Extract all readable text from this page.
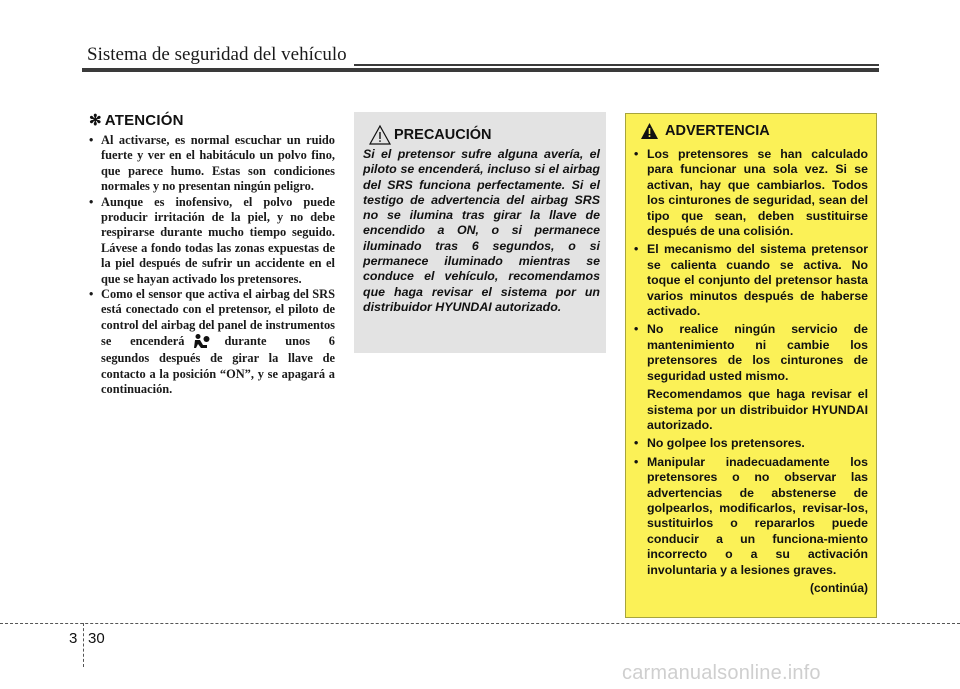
Sistema de seguridad del vehículo
✻ ATENCIÓN
• Al activarse, es normal escuchar un ruido fuerte y ver en el habitáculo un polvo fino, que parece humo. Estas son condiciones normales y no presentan ningún peligro.
• Aunque es inofensivo, el polvo puede producir irritación de la piel, y no debe respirarse durante mucho tiempo seguido. Lávese a fondo todas las zonas expuestas de la piel después de sufrir un accidente en el que se hayan activado los pretensores.
• Como el sensor que activa el airbag del SRS está conectado con el pretensor, el piloto de control del airbag del panel de instrumentos se encenderá	durante unos 6 segundos después de girar la llave de contacto a la posición “ON”, y se apagará a continuación.
PRECAUCIÓN
Si el pretensor sufre alguna avería, el piloto se encenderá, incluso si el airbag del SRS funciona perfectamente. Si el testigo de advertencia del airbag SRS no se ilumina tras girar la llave de encendido a ON, o si permanece iluminado tras 6 segundos, o si permanece iluminado mientras se conduce el vehículo, recomendamos que haga revisar el sistema por un distribuidor HYUNDAI autorizado.
ADVERTENCIA
• Los pretensores se han calculado para funcionar una sola vez. Si se activan, hay que cambiarlos. Todos los cinturones de seguridad, sean del tipo que sean, deben sustituirse después de una colisión.
• El mecanismo del sistema pretensor se calienta cuando se activa. No toque el conjunto del pretensor hasta varios minutos después de haberse activado.
• No realice ningún servicio de mantenimiento ni cambie los pretensores de los cinturones de seguridad usted mismo.

Recomendamos que haga revisar el sistema por un distribuidor HYUNDAI autorizado.

• No golpee los pretensores.
• Manipular inadecuadamente los pretensores o no observar las advertencias de abstenerse de golpearlos, modificarlos, revisar-los, sustituirlos o repararlos puede conducir a un funciona-miento incorrecto o a su activación involuntaria y a lesiones graves.
(continúa)
3 30
carmanualsonline.info
